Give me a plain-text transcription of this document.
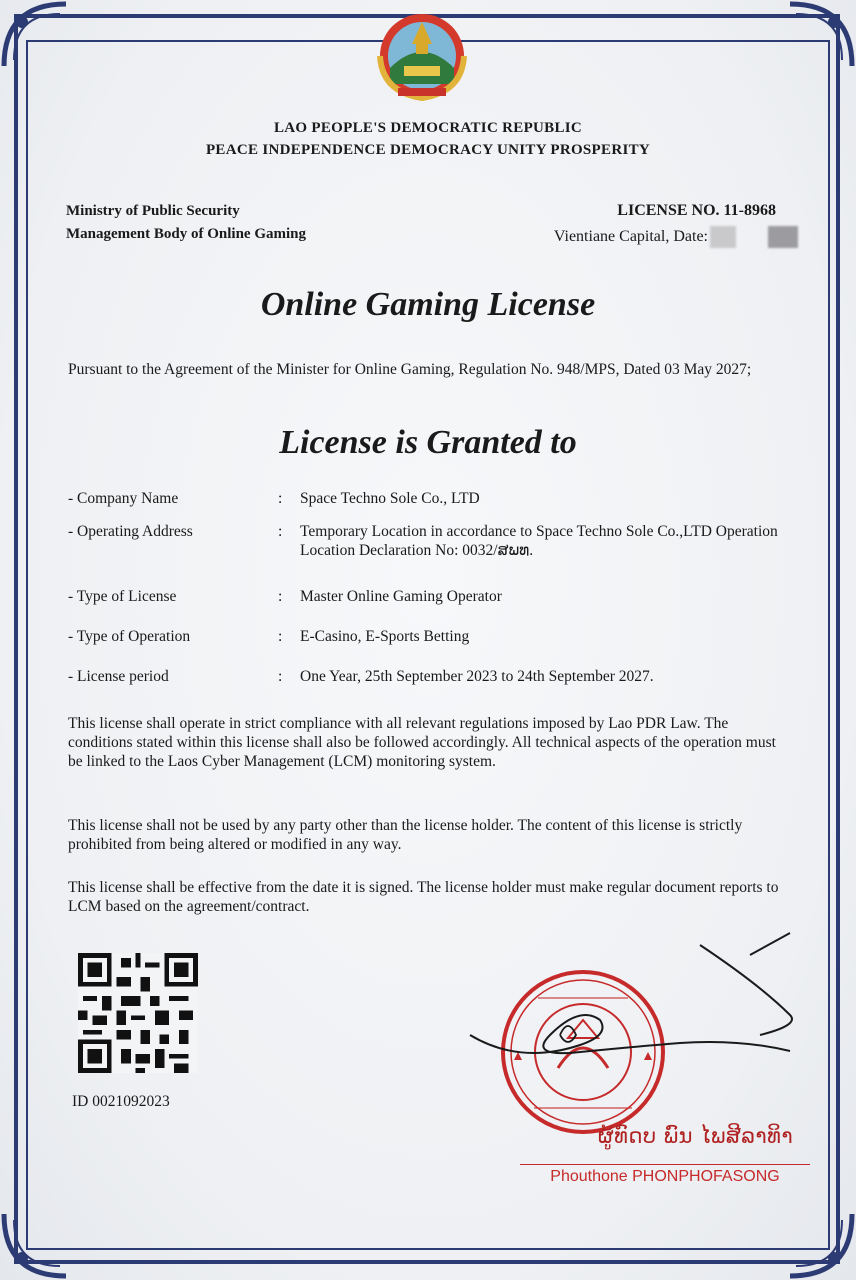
LAO PEOPLE'S DEMOCRATIC REPUBLIC
PEACE INDEPENDENCE DEMOCRACY UNITY PROSPERITY
Ministry of Public Security
Management Body of Online Gaming
LICENSE NO. 11-8968
Vientiane Capital, Date:
Online Gaming License
Pursuant to the Agreement of the Minister for Online Gaming, Regulation No. 948/MPS, Dated 03 May 2027;
License is Granted to
- Company Name	:	Space Techno Sole Co., LTD
- Operating Address	:	Temporary Location in accordance to Space Techno Sole Co.,LTD Operation Location Declaration No: 0032/ສພທ.
- Type of License	:	Master Online Gaming Operator
- Type of Operation	:	E-Casino, E-Sports Betting
- License period	:	One Year, 25th September 2023 to 24th September 2027.
This license shall operate in strict compliance with all relevant regulations imposed by Lao PDR Law. The conditions stated within this license shall also be followed accordingly. All technical aspects of the operation must be linked to the Laos Cyber Management (LCM) monitoring system.
This license shall not be used by any party other than the license holder. The content of this license is strictly prohibited from being altered or modified in any way.
This license shall be effective from the date it is signed. The license holder must make regular document reports to LCM based on the agreement/contract.
ID 0021092023
ຜູ້ທົດບ ພົນ ໄພສີລາທິາ
Phouthone PHONPHOFASONG
